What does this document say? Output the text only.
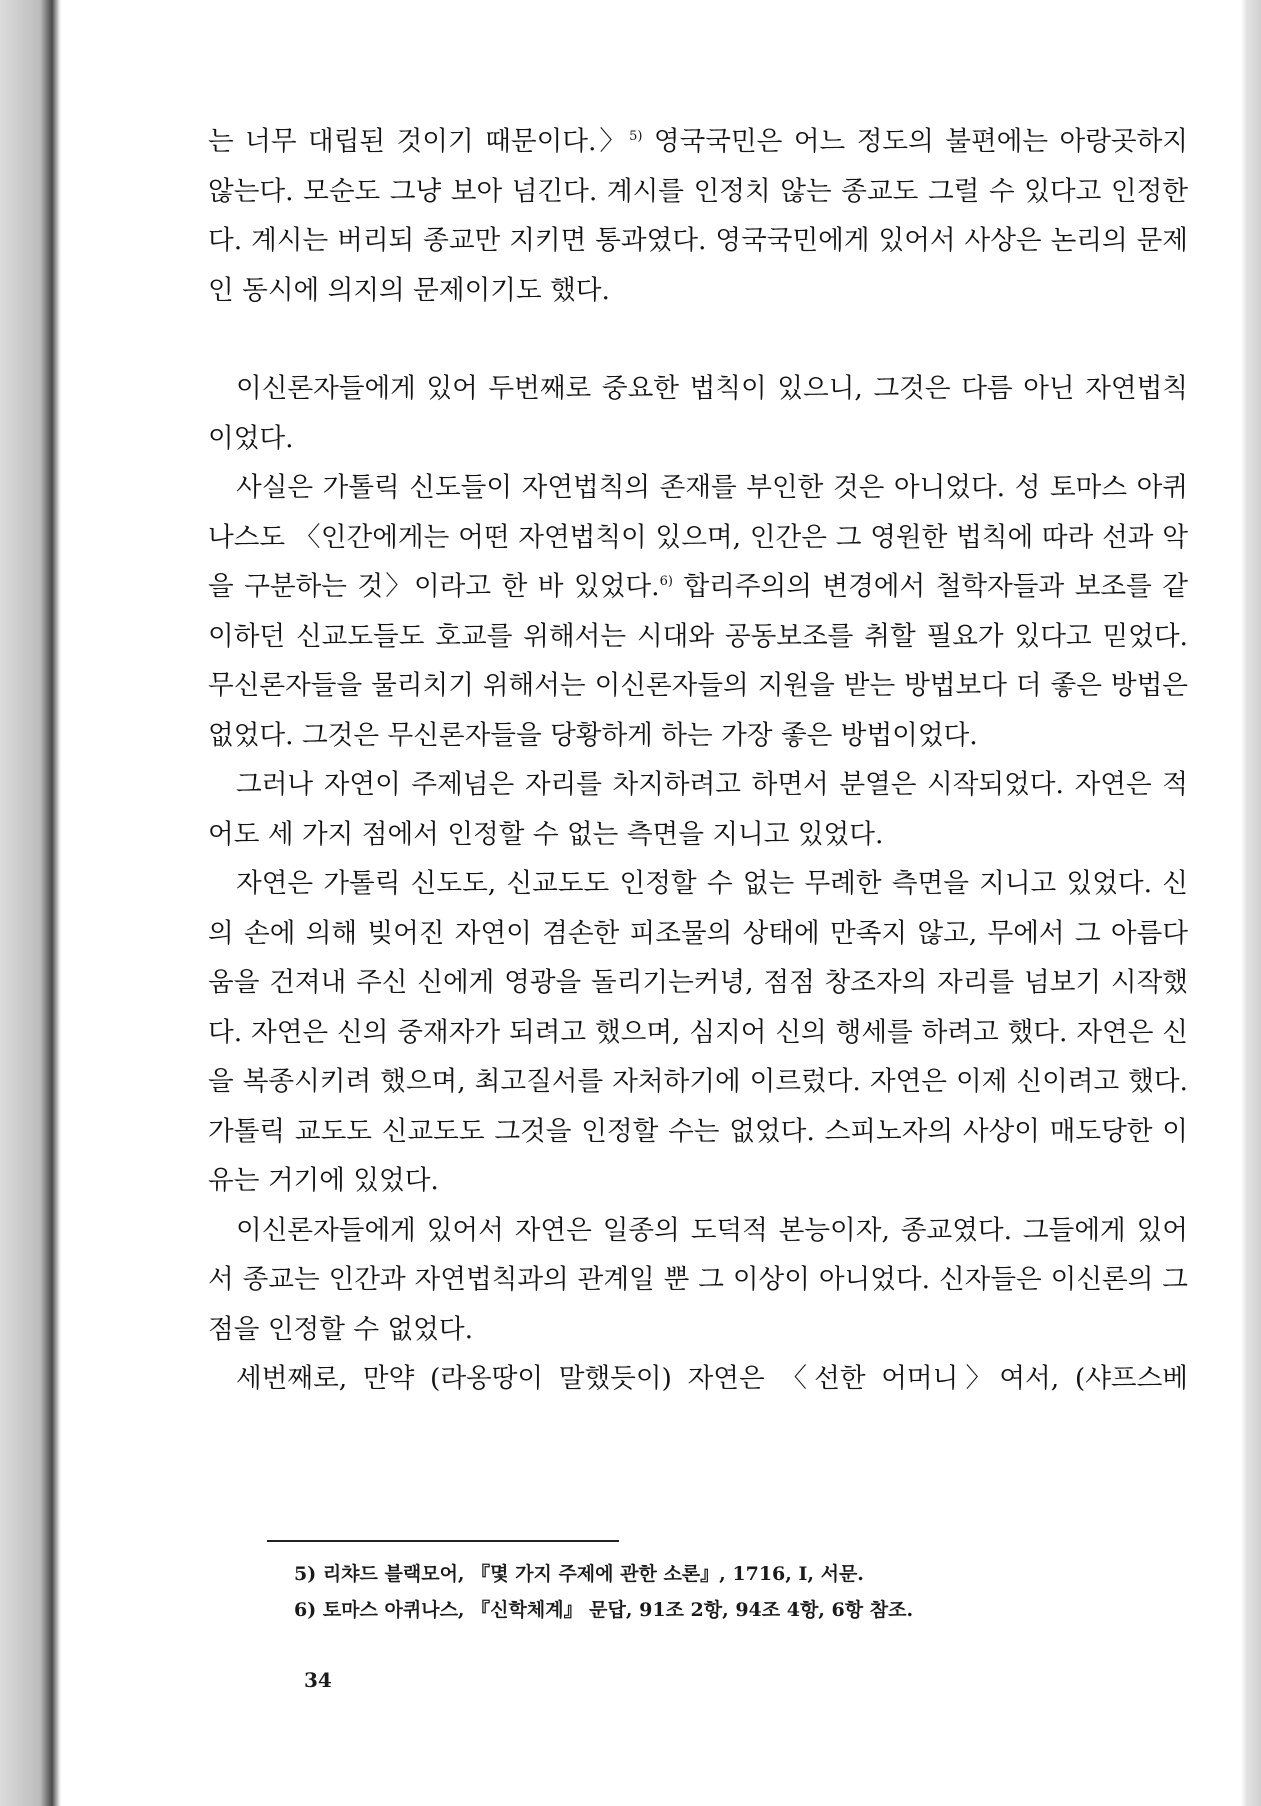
는 너무 대립된 것이기 때문이다.〉$^{5)}$ 영국국민은 어느 정도의 불편에는 아랑곳하지 않는다. 모순도 그냥 보아 넘긴다. 계시를 인정치 않는 종교도 그럴 수 있다고 인정한다. 계시는 버리되 종교만 지키면 통과였다. 영국국민에게 있어서 사상은 논리의 문제인 동시에 의지의 문제이기도 했다.

이신론자들에게 있어 두번째로 중요한 법칙이 있으니, 그것은 다름 아닌 자연법칙이었다.

사실은 가톨릭 신도들이 자연법칙의 존재를 부인한 것은 아니었다. 성 토마스 아퀴나스도 〈인간에게는 어떤 자연법칙이 있으며, 인간은 그 영원한 법칙에 따라 선과 악을 구분하는 것〉이라고 한 바 있었다.$^{6)}$ 합리주의의 변경에서 철학자들과 보조를 같이하던 신교도들도 호교를 위해서는 시대와 공동보조를 취할 필요가 있다고 믿었다. 무신론자들을 물리치기 위해서는 이신론자들의 지원을 받는 방법보다 더 좋은 방법은 없었다. 그것은 무신론자들을 당황하게 하는 가장 좋은 방법이었다.

그러나 자연이 주제넘은 자리를 차지하려고 하면서 분열은 시작되었다. 자연은 적어도 세 가지 점에서 인정할 수 없는 측면을 지니고 있었다.

자연은 가톨릭 신도도, 신교도도 인정할 수 없는 무례한 측면을 지니고 있었다. 신의 손에 의해 빚어진 자연이 겸손한 피조물의 상태에 만족지 않고, 무에서 그 아름다움을 건져내 주신 신에게 영광을 돌리기는커녕, 점점 창조자의 자리를 넘보기 시작했다. 자연은 신의 중재자가 되려고 했으며, 심지어 신의 행세를 하려고 했다. 자연은 신을 복종시키려 했으며, 최고질서를 자처하기에 이르렀다. 자연은 이제 신이려고 했다. 가톨릭 교도도 신교도도 그것을 인정할 수는 없었다. 스피노자의 사상이 매도당한 이유는 거기에 있었다.

이신론자들에게 있어서 자연은 일종의 도덕적 본능이자, 종교였다. 그들에게 있어서 종교는 인간과 자연법칙과의 관계일 뿐 그 이상이 아니었다. 신자들은 이신론의 그 점을 인정할 수 없었다.

세번째로, 만약 (라옹땅이 말했듯이) 자연은 〈선한 어머니〉여서, (샤프스베

5) 리챠드 블랙모어, 『몇 가지 주제에 관한 소론』, 1716, Ⅰ, 서문.

6) 토마스 아퀴나스, 『신학체계』 문답, 91조 2항, 94조 4항, 6항 참조.

34
